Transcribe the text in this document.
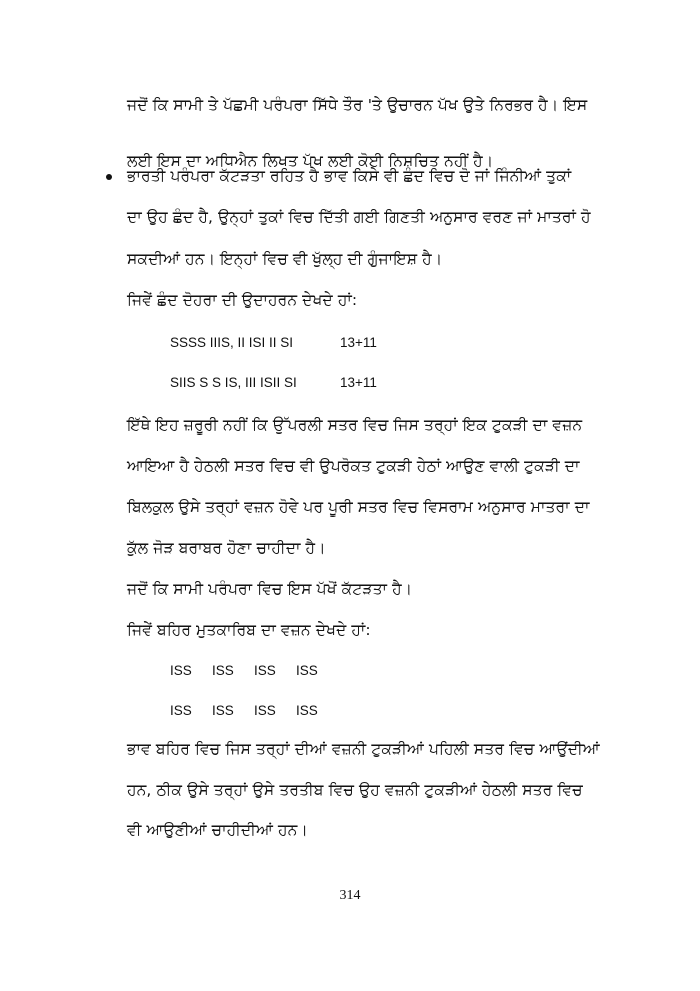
ਜਦੋਂ ਕਿ ਸਾਮੀ ਤੇ ਪੱਛਮੀ ਪਰੰਪਰਾ ਸਿੱਧੇ ਤੌਰ 'ਤੇ ਉਚਾਰਨ ਪੱਖ ਉਤੇ ਨਿਰਭਰ ਹੈ। ਇਸ
ਲਈ ਇਸ ਦਾ ਅਧਿਐਨ ਲਿਖਤ ਪੱਖ ਲਈ ਕੋਈ ਨਿਸ਼ਚਿਤ ਨਹੀਂ ਹੈ।
ਭਾਰਤੀ ਪਰੰਪਰਾ ਕੱਟੜਤਾ ਰਹਿਤ ਹੈ ਭਾਵ ਕਿਸੇ ਵੀ ਛੰਦ ਵਿਚ ਦੋ ਜਾਂ ਜਿੰਨੀਆਂ ਤੁਕਾਂ
ਦਾ ਉਹ ਛੰਦ ਹੈ, ਉਨ੍ਹਾਂ ਤੁਕਾਂ ਵਿਚ ਦਿੱਤੀ ਗਈ ਗਿਣਤੀ ਅਨੁਸਾਰ ਵਰਣ ਜਾਂ ਮਾਤਰਾਂ ਹੋ
ਸਕਦੀਆਂ ਹਨ। ਇਨ੍ਹਾਂ ਵਿਚ ਵੀ ਖੁੱਲ੍ਹ ਦੀ ਗੁੰਜਾਇਸ਼ ਹੈ।
ਜਿਵੇਂ ਛੰਦ ਦੋਹਰਾ ਦੀ ਉਦਾਹਰਨ ਦੇਖਦੇ ਹਾਂ:
SSSS IIIS, II ISI II SI	13+11
SIIS S S IS, III ISII SI	13+11
ਇੱਥੇ ਇਹ ਜ਼ਰੂਰੀ ਨਹੀਂ ਕਿ ਉੱਪਰਲੀ ਸਤਰ ਵਿਚ ਜਿਸ ਤਰ੍ਹਾਂ ਇਕ ਟੁਕੜੀ ਦਾ ਵਜ਼ਨ
ਆਇਆ ਹੈ ਹੇਠਲੀ ਸਤਰ ਵਿਚ ਵੀ ਉਪਰੋਕਤ ਟੁਕੜੀ ਹੇਠਾਂ ਆਉਣ ਵਾਲੀ ਟੁਕੜੀ ਦਾ
ਬਿਲਕੁਲ ਉਸੇ ਤਰ੍ਹਾਂ ਵਜ਼ਨ ਹੋਵੇ ਪਰ ਪੂਰੀ ਸਤਰ ਵਿਚ ਵਿਸਰਾਮ ਅਨੁਸਾਰ ਮਾਤਰਾ ਦਾ
ਕੁੱਲ ਜੋੜ ਬਰਾਬਰ ਹੋਣਾ ਚਾਹੀਦਾ ਹੈ।
ਜਦੋਂ ਕਿ ਸਾਮੀ ਪਰੰਪਰਾ ਵਿਚ ਇਸ ਪੱਖੋਂ ਕੱਟੜਤਾ ਹੈ।
ਜਿਵੇਂ ਬਹਿਰ ਮੁਤਕਾਰਿਬ ਦਾ ਵਜ਼ਨ ਦੇਖਦੇ ਹਾਂ:
ISS ISS ISS ISS
ISS ISS ISS ISS
ਭਾਵ ਬਹਿਰ ਵਿਚ ਜਿਸ ਤਰ੍ਹਾਂ ਦੀਆਂ ਵਜ਼ਨੀ ਟੁਕੜੀਆਂ ਪਹਿਲੀ ਸਤਰ ਵਿਚ ਆਉਂਦੀਆਂ
ਹਨ, ਠੀਕ ਉਸੇ ਤਰ੍ਹਾਂ ਉਸੇ ਤਰਤੀਬ ਵਿਚ ਉਹ ਵਜ਼ਨੀ ਟੁਕੜੀਆਂ ਹੇਠਲੀ ਸਤਰ ਵਿਚ
ਵੀ ਆਉਣੀਆਂ ਚਾਹੀਦੀਆਂ ਹਨ।
314
